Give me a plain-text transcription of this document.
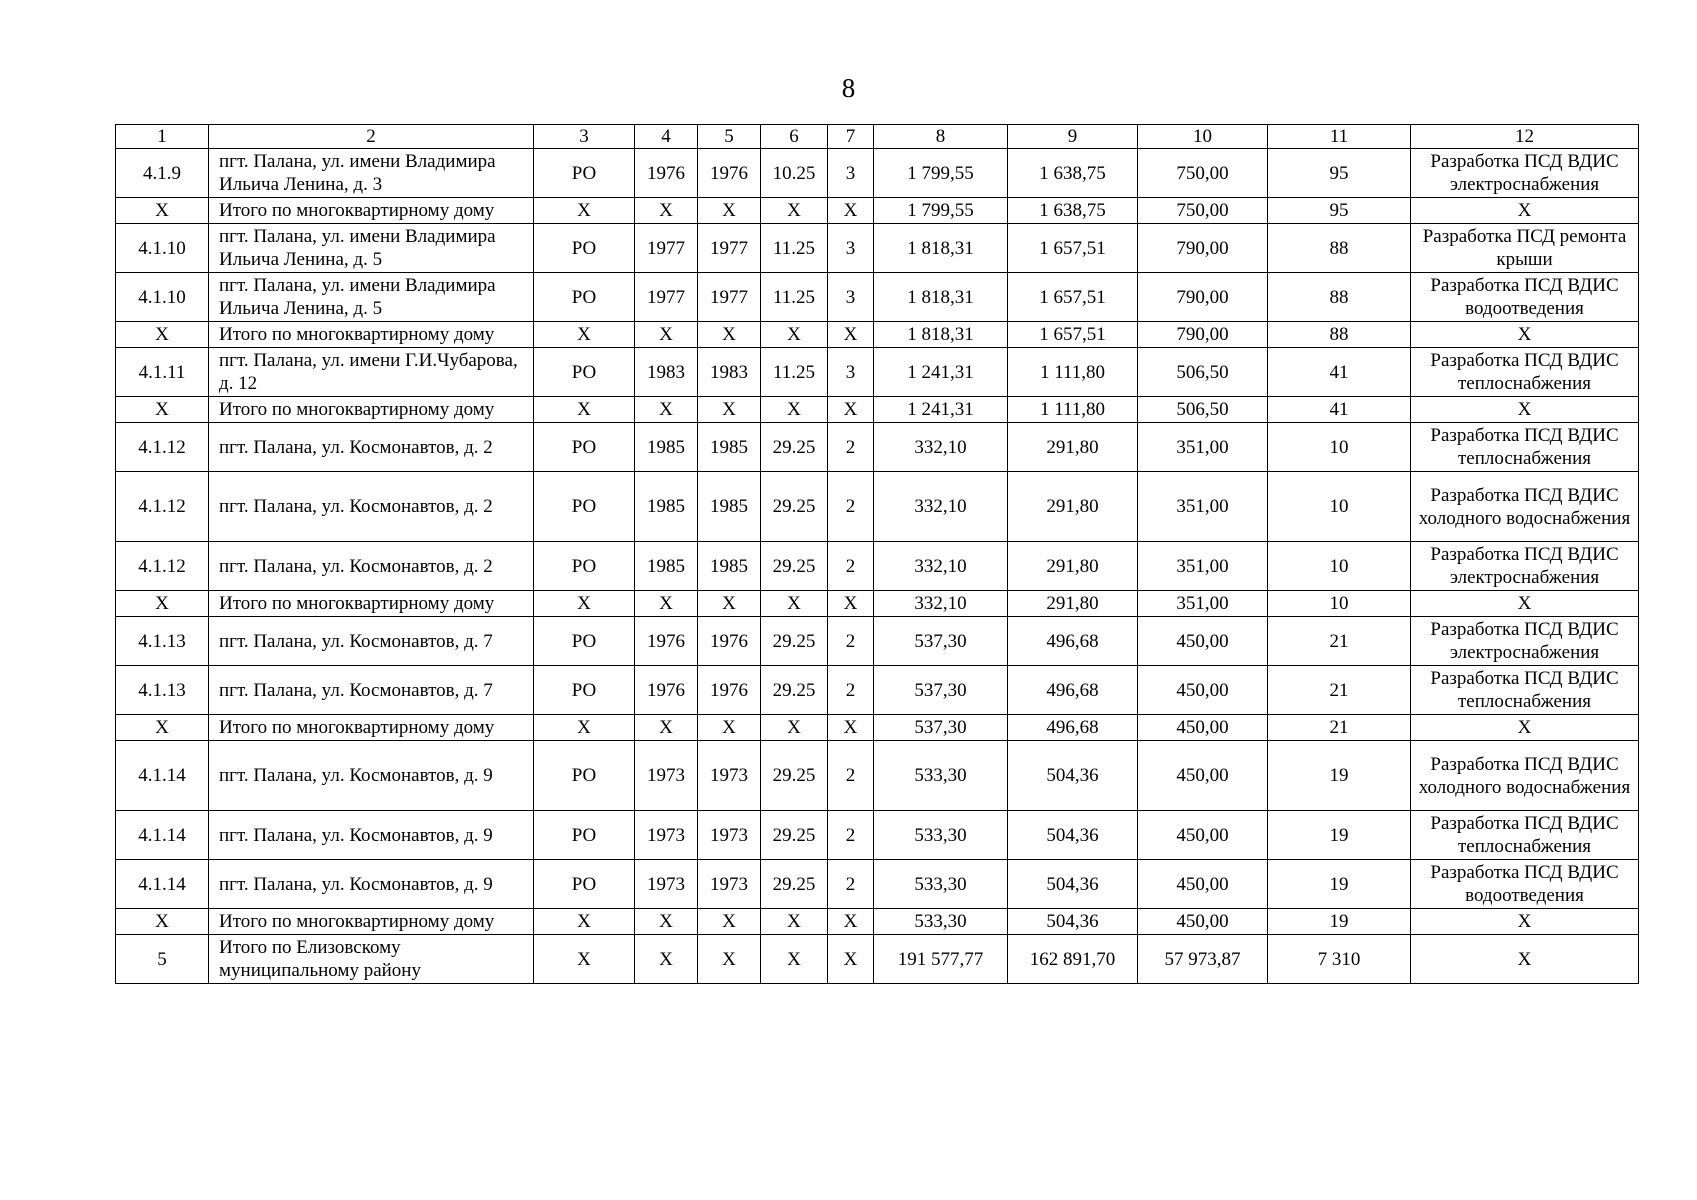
8
1	2	3	4	5	6	7	8	9	10	11	12
4.1.9	пгт. Палана, ул. имени Владимира Ильича Ленина, д. 3	РО	1976	1976	10.25	3	1 799,55	1 638,75	750,00	95	Разработка ПСД ВДИС электроснабжения
Х	Итого по многоквартирному дому	Х	Х	Х	Х	Х	1 799,55	1 638,75	750,00	95	Х
4.1.10	пгт. Палана, ул. имени Владимира Ильича Ленина, д. 5	РО	1977	1977	11.25	3	1 818,31	1 657,51	790,00	88	Разработка ПСД ремонта крыши
4.1.10	пгт. Палана, ул. имени Владимира Ильича Ленина, д. 5	РО	1977	1977	11.25	3	1 818,31	1 657,51	790,00	88	Разработка ПСД ВДИС водоотведения
Х	Итого по многоквартирному дому	Х	Х	Х	Х	Х	1 818,31	1 657,51	790,00	88	Х
4.1.11	пгт. Палана, ул. имени Г.И.Чубарова, д. 12	РО	1983	1983	11.25	3	1 241,31	1 111,80	506,50	41	Разработка ПСД ВДИС теплоснабжения
Х	Итого по многоквартирному дому	Х	Х	Х	Х	Х	1 241,31	1 111,80	506,50	41	Х
4.1.12	пгт. Палана, ул. Космонавтов, д. 2	РО	1985	1985	29.25	2	332,10	291,80	351,00	10	Разработка ПСД ВДИС теплоснабжения
4.1.12	пгт. Палана, ул. Космонавтов, д. 2	РО	1985	1985	29.25	2	332,10	291,80	351,00	10	Разработка ПСД ВДИС холодного водоснабжения
4.1.12	пгт. Палана, ул. Космонавтов, д. 2	РО	1985	1985	29.25	2	332,10	291,80	351,00	10	Разработка ПСД ВДИС электроснабжения
Х	Итого по многоквартирному дому	Х	Х	Х	Х	Х	332,10	291,80	351,00	10	Х
4.1.13	пгт. Палана, ул. Космонавтов, д. 7	РО	1976	1976	29.25	2	537,30	496,68	450,00	21	Разработка ПСД ВДИС электроснабжения
4.1.13	пгт. Палана, ул. Космонавтов, д. 7	РО	1976	1976	29.25	2	537,30	496,68	450,00	21	Разработка ПСД ВДИС теплоснабжения
Х	Итого по многоквартирному дому	Х	Х	Х	Х	Х	537,30	496,68	450,00	21	Х
4.1.14	пгт. Палана, ул. Космонавтов, д. 9	РО	1973	1973	29.25	2	533,30	504,36	450,00	19	Разработка ПСД ВДИС холодного водоснабжения
4.1.14	пгт. Палана, ул. Космонавтов, д. 9	РО	1973	1973	29.25	2	533,30	504,36	450,00	19	Разработка ПСД ВДИС теплоснабжения
4.1.14	пгт. Палана, ул. Космонавтов, д. 9	РО	1973	1973	29.25	2	533,30	504,36	450,00	19	Разработка ПСД ВДИС водоотведения
Х	Итого по многоквартирному дому	Х	Х	Х	Х	Х	533,30	504,36	450,00	19	Х
5	Итого по Елизовскому муниципальному району	Х	Х	Х	Х	Х	191 577,77	162 891,70	57 973,87	7 310	Х
